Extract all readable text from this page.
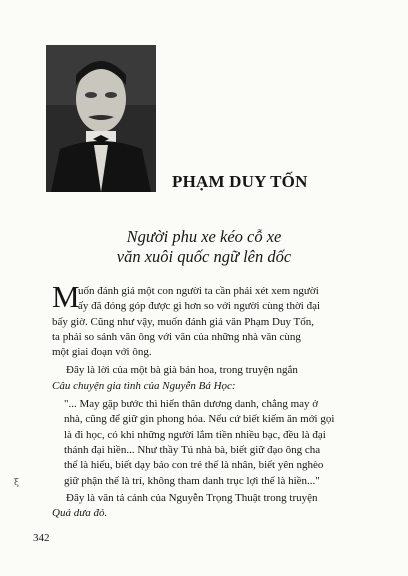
PHẠM DUY TỐN
Người phu xe kéo cỗ xe
văn xuôi quốc ngữ lên dốc

M
uốn đánh giá một con người ta cần phải xét xem người
ấy đã đóng góp được gì hơn so với người cùng thời đại
bấy giờ. Cũng như vậy, muốn đánh giá văn Phạm Duy Tốn,
ta phải so sánh văn ông với văn của những nhà văn cùng
một giai đoạn với ông.

Đây là lời của một bà già bán hoa, trong truyện ngắn
Câu chuyện gia tình của Nguyễn Bá Học:

"... May gặp bước thì hiển thân dương danh, chẳng may ở
nhà, cũng để giữ gìn phong hóa. Nếu cứ biết kiếm ăn mới gọi
là đi học, có khi những người lắm tiền nhiều bạc, đều là đại
thánh đại hiền... Như thầy Tú nhà bà, biết giữ đạo ông cha
thế là hiếu, biết dạy bảo con trẻ thế là nhân, biết yên nghèo
giữ phận thế là trí, không tham danh trục lợi thế là hiền..."

Đây là văn tả cảnh của Nguyễn Trọng Thuật trong truyện
Quả dưa đỏ.

ξ
342
